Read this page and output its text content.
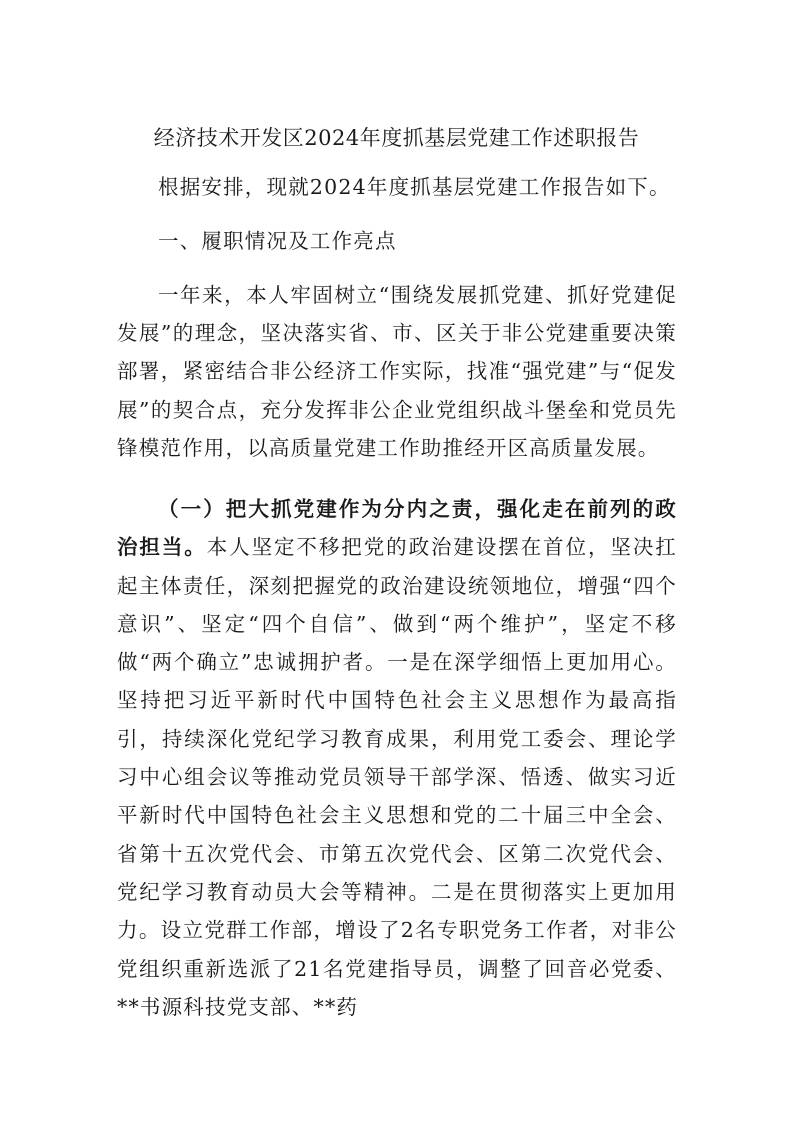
经济技术开发区2024年度抓基层党建工作述职报告
根据安排，现就2024年度抓基层党建工作报告如下。
一、履职情况及工作亮点
一年来，本人牢固树立“围绕发展抓党建、抓好党建促发展”的理念，坚决落实省、市、区关于非公党建重要决策部署，紧密结合非公经济工作实际，找准“强党建”与“促发展”的契合点，充分发挥非公企业党组织战斗堡垒和党员先锋模范作用，以高质量党建工作助推经开区高质量发展。
（一）把大抓党建作为分内之责，强化走在前列的政治担当。本人坚定不移把党的政治建设摆在首位，坚决扛起主体责任，深刻把握党的政治建设统领地位，增强“四个意识”、坚定“四个自信”、做到“两个维护”，坚定不移做“两个确立”忠诚拥护者。一是在深学细悟上更加用心。坚持把习近平新时代中国特色社会主义思想作为最高指引，持续深化党纪学习教育成果，利用党工委会、理论学习中心组会议等推动党员领导干部学深、悟透、做实习近平新时代中国特色社会主义思想和党的二十届三中全会、省第十五次党代会、市第五次党代会、区第二次党代会、党纪学习教育动员大会等精神。二是在贯彻落实上更加用力。设立党群工作部，增设了2名专职党务工作者，对非公党组织重新选派了21名党建指导员，调整了回音必党委、**书源科技党支部、**药
